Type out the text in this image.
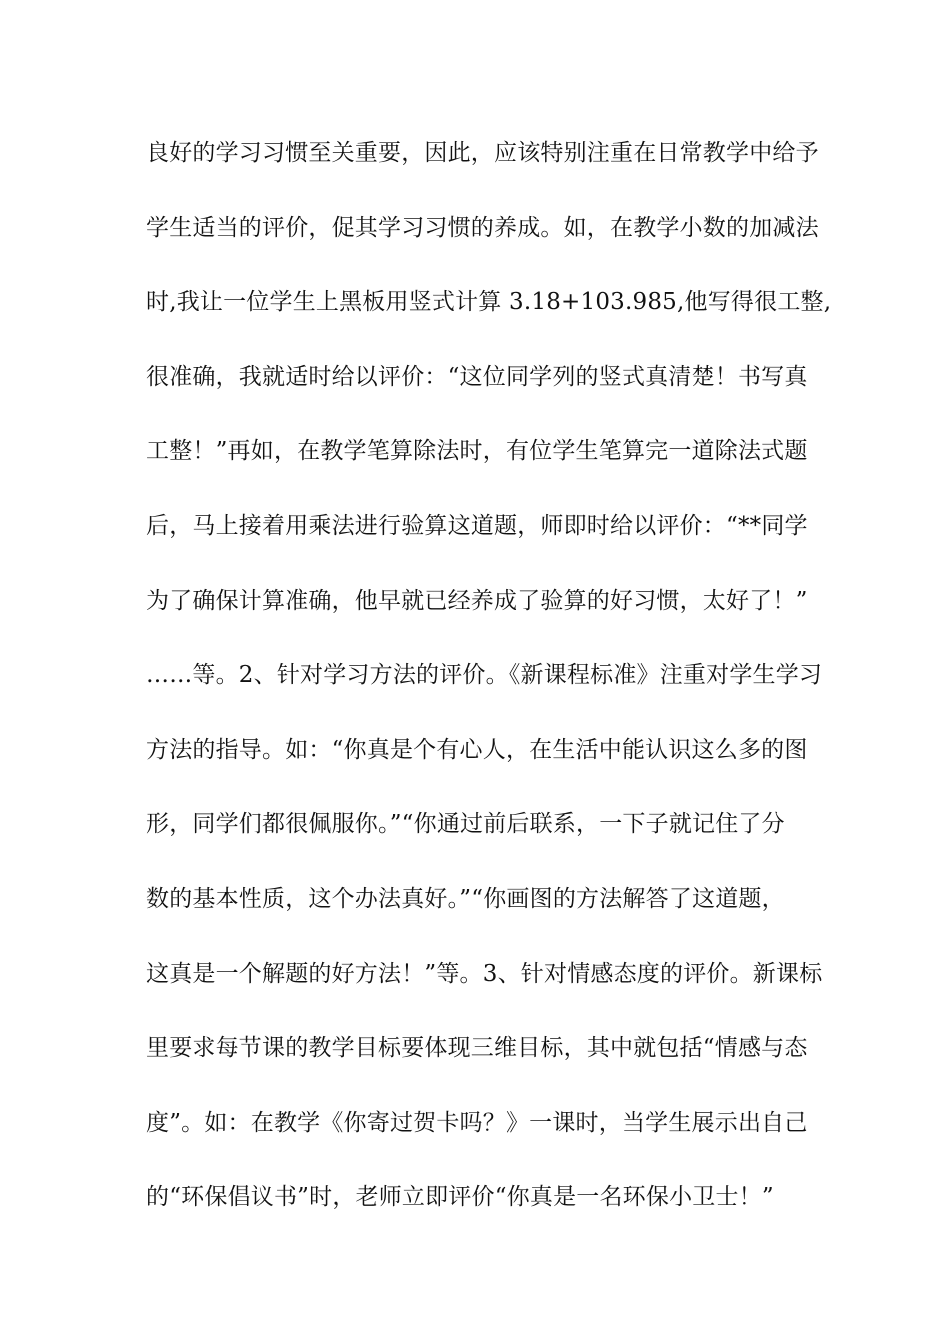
良好的学习习惯至关重要，因此，应该特别注重在日常教学中给予
学生适当的评价，促其学习习惯的养成。如，在教学小数的加减法
时,我让一位学生上黑板用竖式计算 3.18+103.985,他写得很工整,
很准确，我就适时给以评价：“这位同学列的竖式真清楚！书写真
工整！”再如，在教学笔算除法时，有位学生笔算完一道除法式题
后，马上接着用乘法进行验算这道题，师即时给以评价：“**同学
为了确保计算准确，他早就已经养成了验算的好习惯，太好了！”
……等。2、针对学习方法的评价。《新课程标准》注重对学生学习
方法的指导。如：“你真是个有心人，在生活中能认识这么多的图
形，同学们都很佩服你。”“你通过前后联系，一下子就记住了分
数的基本性质，这个办法真好。”“你画图的方法解答了这道题，
这真是一个解题的好方法！”等。3、针对情感态度的评价。新课标
里要求每节课的教学目标要体现三维目标，其中就包括“情感与态
度”。如：在教学《你寄过贺卡吗？》一课时，当学生展示出自己
的“环保倡议书”时，老师立即评价“你真是一名环保小卫士！”
